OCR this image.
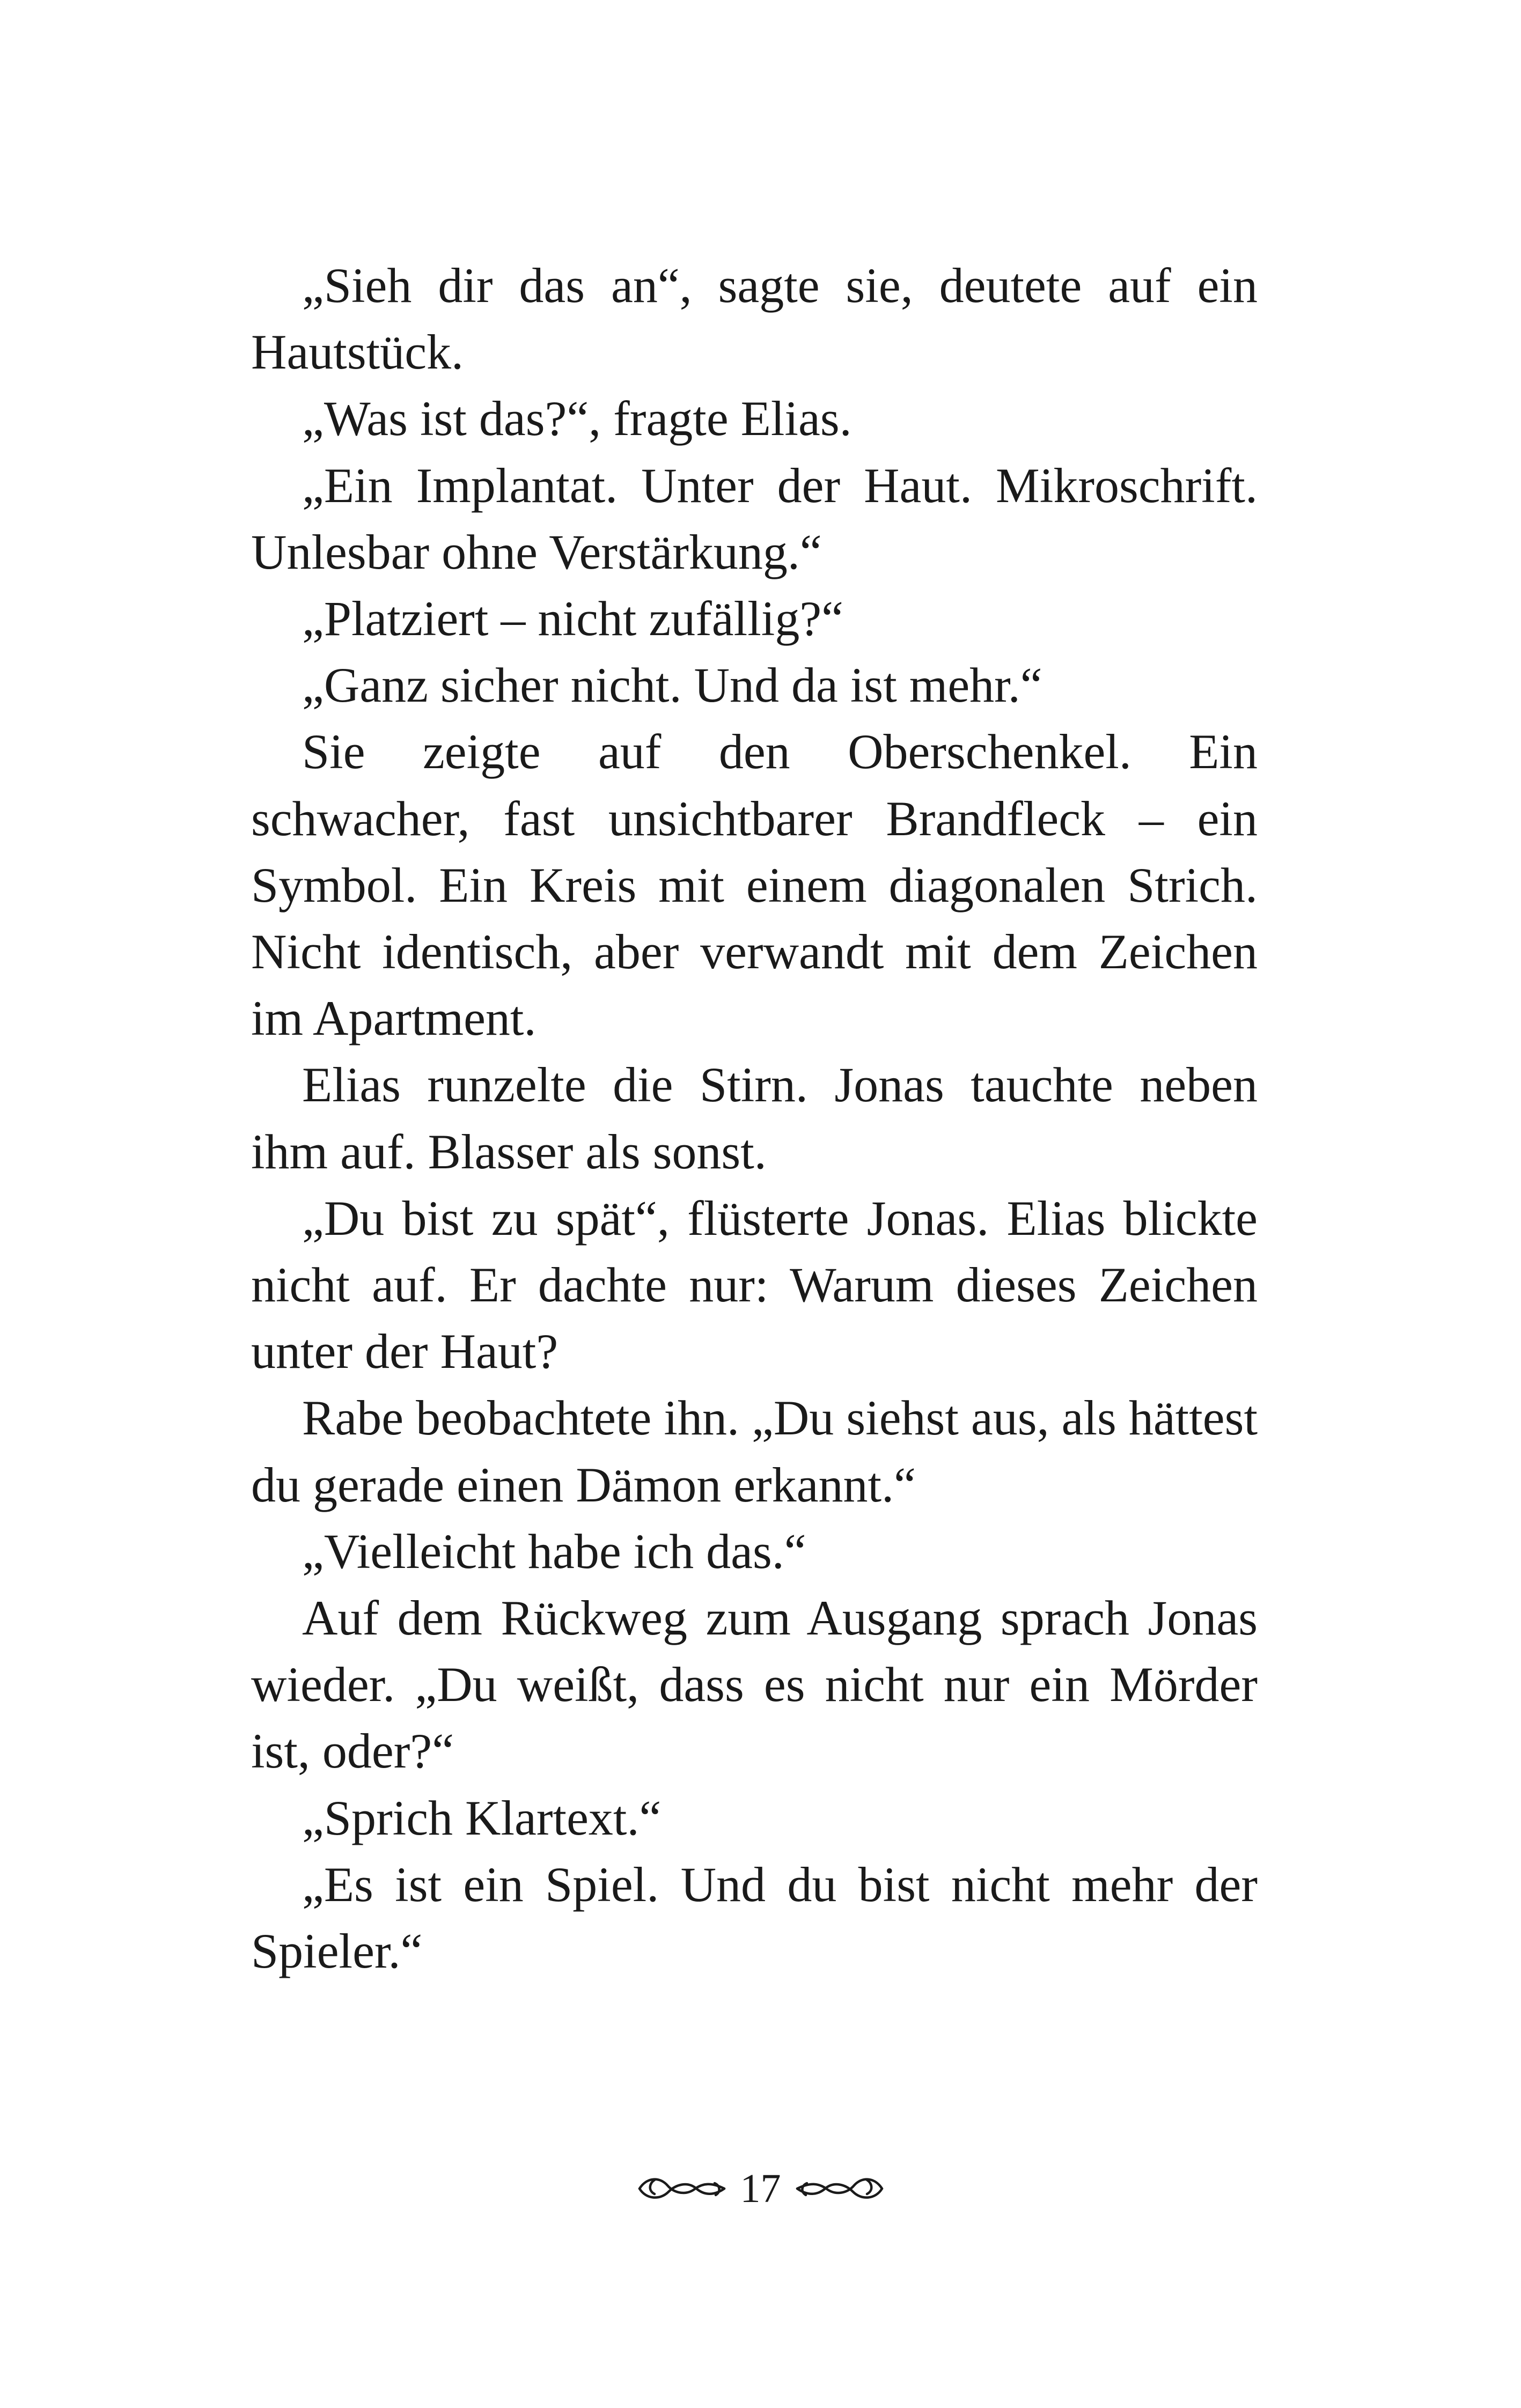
„Sieh dir das an“, sagte sie, deutete auf ein Hautstück.

„Was ist das?“, fragte Elias.

„Ein Implantat. Unter der Haut. Mikroschrift. Unlesbar ohne Verstärkung.“

„Platziert – nicht zufällig?“

„Ganz sicher nicht. Und da ist mehr.“

Sie zeigte auf den Oberschenkel. Ein schwacher, fast unsichtbarer Brandfleck – ein Symbol. Ein Kreis mit einem diagonalen Strich. Nicht identisch, aber verwandt mit dem Zeichen im Apartment.

Elias runzelte die Stirn. Jonas tauchte neben ihm auf. Blasser als sonst.

„Du bist zu spät“, flüsterte Jonas. Elias blickte nicht auf. Er dachte nur: Warum dieses Zeichen unter der Haut?

Rabe beobachtete ihn. „Du siehst aus, als hättest du gerade einen Dämon erkannt.“

„Vielleicht habe ich das.“

Auf dem Rückweg zum Ausgang sprach Jonas wieder. „Du weißt, dass es nicht nur ein Mörder ist, oder?“

„Sprich Klartext.“

„Es ist ein Spiel. Und du bist nicht mehr der Spieler.“

17
